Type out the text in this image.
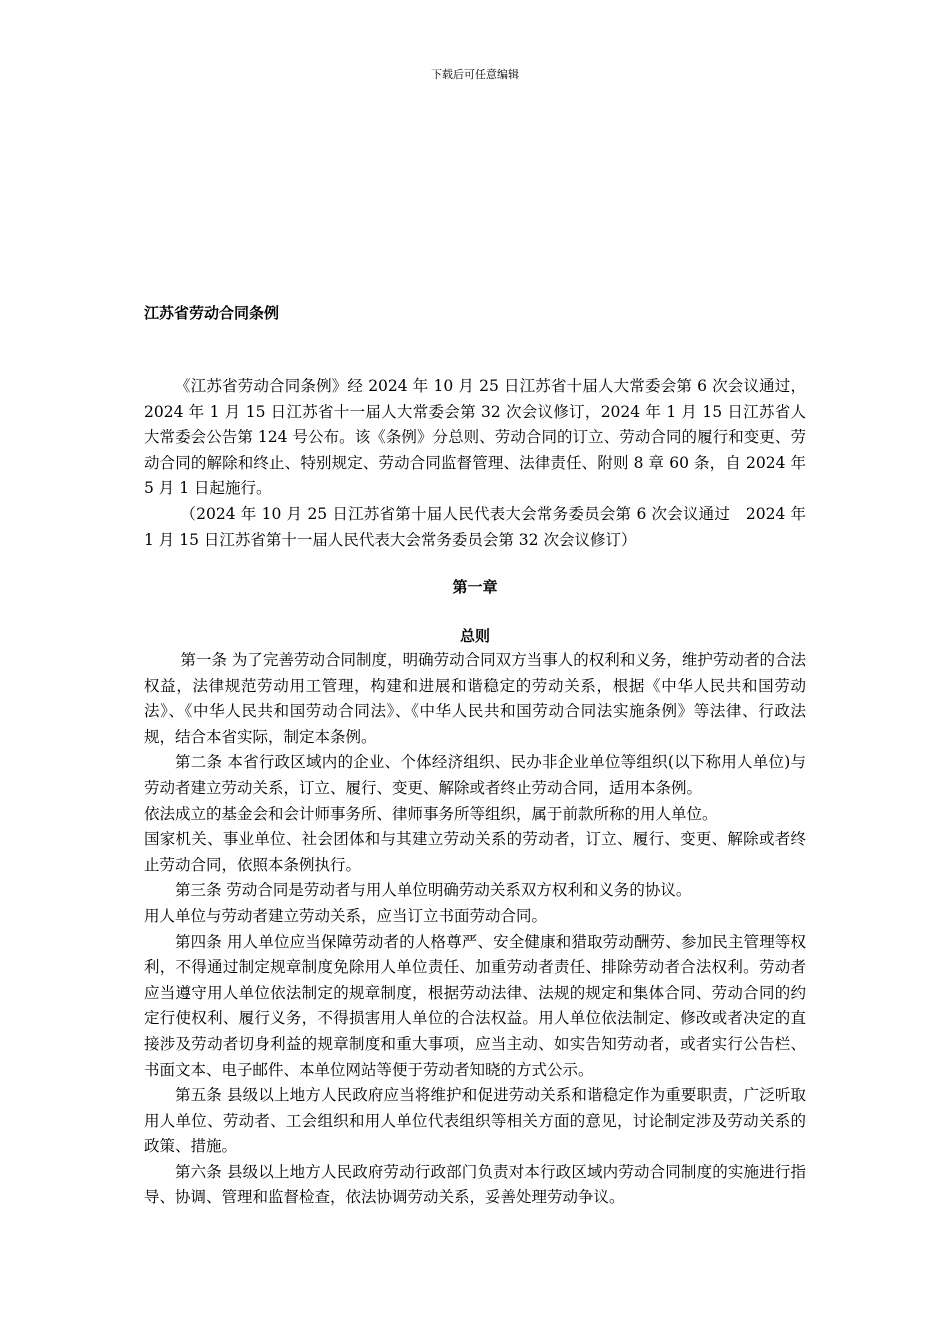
下载后可任意编辑
江苏省劳动合同条例

《江苏省劳动合同条例》经 2024 年 10 月 25 日江苏省十届人大常委会第 6 次会议通过，2024 年 1 月 15 日江苏省十一届人大常委会第 32 次会议修订，2024 年 1 月 15 日江苏省人大常委会公告第 124 号公布。该《条例》分总则、劳动合同的订立、劳动合同的履行和变更、劳动合同的解除和终止、特别规定、劳动合同监督管理、法律责任、附则 8 章 60 条，自 2024 年 5 月 1 日起施行。

（2024 年 10 月 25 日江苏省第十届人民代表大会常务委员会第 6 次会议通过　2024 年 1 月 15 日江苏省第十一届人民代表大会常务委员会第 32 次会议修订）

第一章
总则

第一条 为了完善劳动合同制度，明确劳动合同双方当事人的权利和义务，维护劳动者的合法权益，法律规范劳动用工管理，构建和进展和谐稳定的劳动关系，根据《中华人民共和国劳动法》、《中华人民共和国劳动合同法》、《中华人民共和国劳动合同法实施条例》等法律、行政法规，结合本省实际，制定本条例。

第二条 本省行政区域内的企业、个体经济组织、民办非企业单位等组织(以下称用人单位)与劳动者建立劳动关系，订立、履行、变更、解除或者终止劳动合同，适用本条例。

依法成立的基金会和会计师事务所、律师事务所等组织，属于前款所称的用人单位。

国家机关、事业单位、社会团体和与其建立劳动关系的劳动者，订立、履行、变更、解除或者终止劳动合同，依照本条例执行。

第三条 劳动合同是劳动者与用人单位明确劳动关系双方权利和义务的协议。

用人单位与劳动者建立劳动关系，应当订立书面劳动合同。

第四条 用人单位应当保障劳动者的人格尊严、安全健康和猎取劳动酬劳、参加民主管理等权利，不得通过制定规章制度免除用人单位责任、加重劳动者责任、排除劳动者合法权利。劳动者应当遵守用人单位依法制定的规章制度，根据劳动法律、法规的规定和集体合同、劳动合同的约定行使权利、履行义务，不得损害用人单位的合法权益。用人单位依法制定、修改或者决定的直接涉及劳动者切身利益的规章制度和重大事项，应当主动、如实告知劳动者，或者实行公告栏、书面文本、电子邮件、本单位网站等便于劳动者知晓的方式公示。

第五条 县级以上地方人民政府应当将维护和促进劳动关系和谐稳定作为重要职责，广泛听取用人单位、劳动者、工会组织和用人单位代表组织等相关方面的意见，讨论制定涉及劳动关系的政策、措施。

第六条 县级以上地方人民政府劳动行政部门负责对本行政区域内劳动合同制度的实施进行指导、协调、管理和监督检查，依法协调劳动关系，妥善处理劳动争议。
